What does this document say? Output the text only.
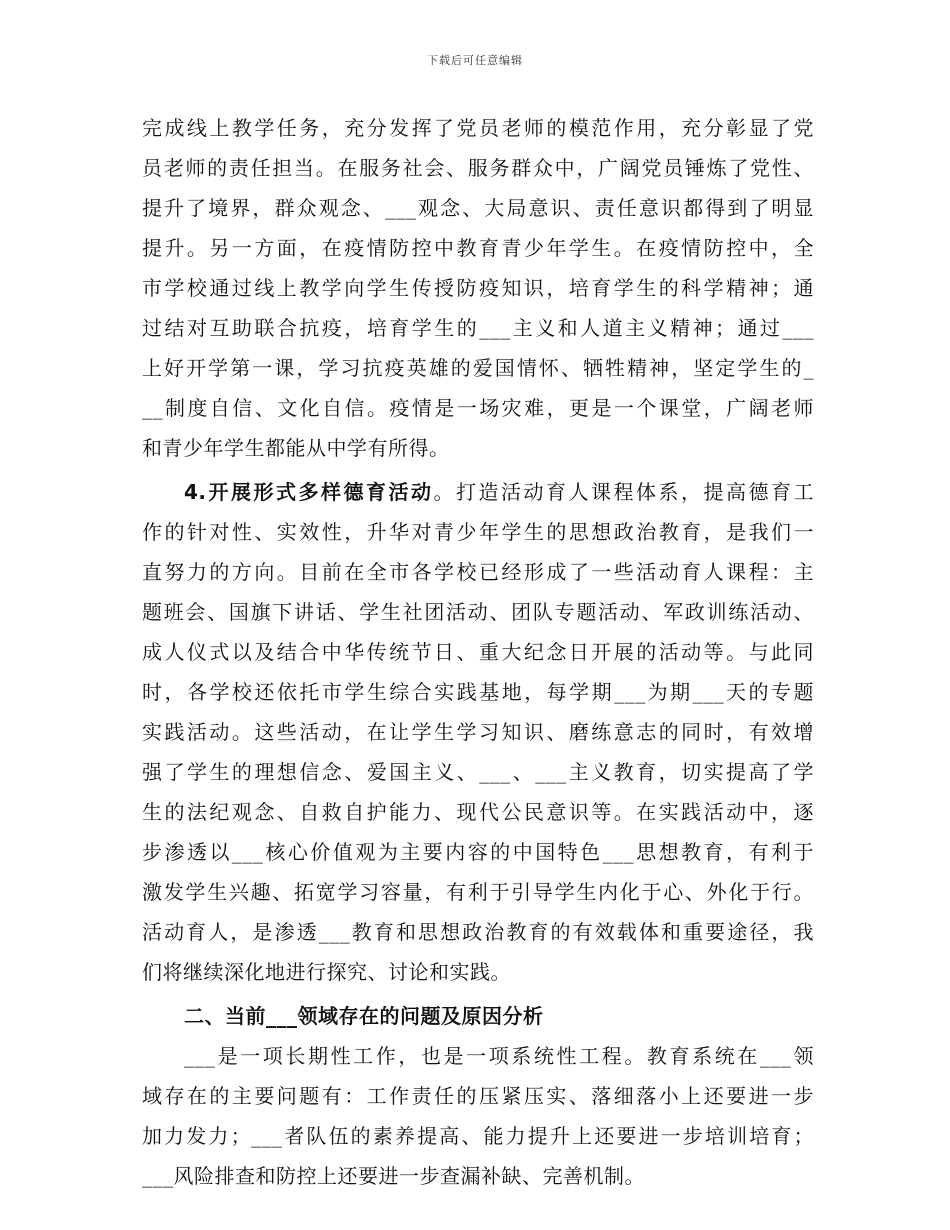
下载后可任意编辑
完成线上教学任务，充分发挥了党员老师的模范作用，充分彰显了党
员老师的责任担当。在服务社会、服务群众中，广阔党员锤炼了党性、
提升了境界，群众观念、___观念、大局意识、责任意识都得到了明显
提升。另一方面，在疫情防控中教育青少年学生。在疫情防控中，全
市学校通过线上教学向学生传授防疫知识，培育学生的科学精神；通
过结对互助联合抗疫，培育学生的___主义和人道主义精神；通过___
上好开学第一课，学习抗疫英雄的爱国情怀、牺牲精神，坚定学生的_
__制度自信、文化自信。疫情是一场灾难，更是一个课堂，广阔老师
和青少年学生都能从中学有所得。
4.开展形式多样德育活动。打造活动育人课程体系，提高德育工
作的针对性、实效性，升华对青少年学生的思想政治教育，是我们一
直努力的方向。目前在全市各学校已经形成了一些活动育人课程：主
题班会、国旗下讲话、学生社团活动、团队专题活动、军政训练活动、
成人仪式以及结合中华传统节日、重大纪念日开展的活动等。与此同
时，各学校还依托市学生综合实践基地，每学期___为期___天的专题
实践活动。这些活动，在让学生学习知识、磨练意志的同时，有效增
强了学生的理想信念、爱国主义、___、___主义教育，切实提高了学
生的法纪观念、自救自护能力、现代公民意识等。在实践活动中，逐
步渗透以___核心价值观为主要内容的中国特色___思想教育，有利于
激发学生兴趣、拓宽学习容量，有利于引导学生内化于心、外化于行。
活动育人，是渗透___教育和思想政治教育的有效载体和重要途径，我
们将继续深化地进行探究、讨论和实践。
二、当前___领域存在的问题及原因分析
___是一项长期性工作，也是一项系统性工程。教育系统在___领
域存在的主要问题有：工作责任的压紧压实、落细落小上还要进一步
加力发力；___者队伍的素养提高、能力提升上还要进一步培训培育；
___风险排查和防控上还要进一步查漏补缺、完善机制。
